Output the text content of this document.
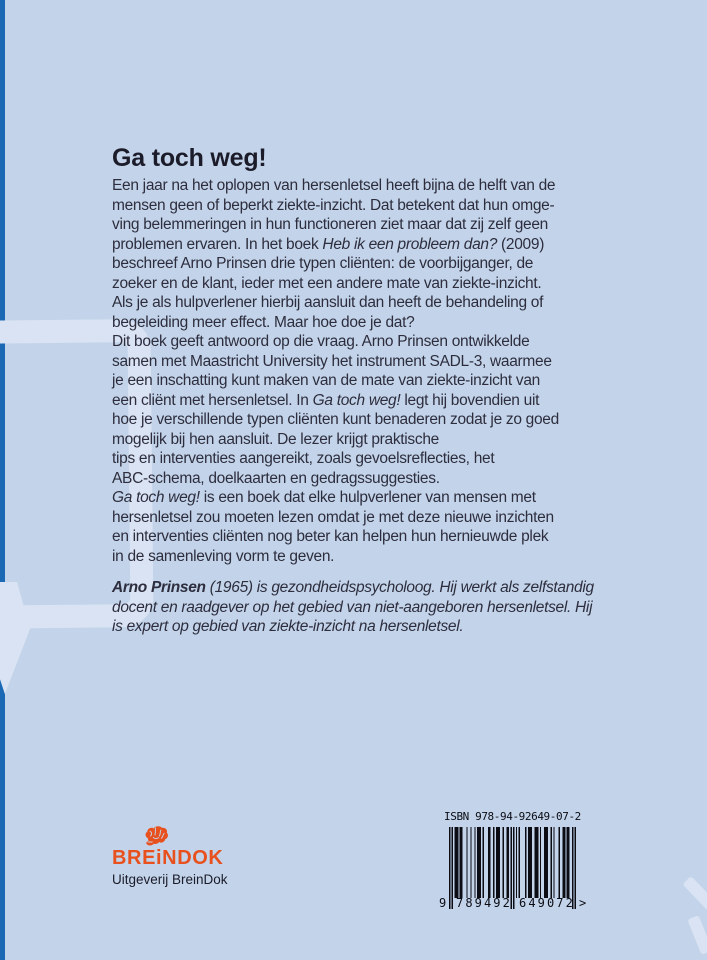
Ga toch weg!
Een jaar na het oplopen van hersenletsel heeft bijna de helft van de
mensen geen of beperkt ziekte-inzicht. Dat betekent dat hun omge-
ving belemmeringen in hun functioneren ziet maar dat zij zelf geen
problemen ervaren. In het boek Heb ik een probleem dan? (2009)
beschreef Arno Prinsen drie typen cliënten: de voorbijganger, de
zoeker en de klant, ieder met een andere mate van ziekte-inzicht.
Als je als hulpverlener hierbij aansluit dan heeft de behandeling of
begeleiding meer effect. Maar hoe doe je dat?
Dit boek geeft antwoord op die vraag. Arno Prinsen ontwikkelde
samen met Maastricht University het instrument SADL-3, waarmee
je een inschatting kunt maken van de mate van ziekte-inzicht van
een cliënt met hersenletsel. In Ga toch weg! legt hij bovendien uit
hoe je verschillende typen cliënten kunt benaderen zodat je zo goed
mogelijk bij hen aansluit. De lezer krijgt praktische
tips en interventies aangereikt, zoals gevoelsreflecties, het
ABC-schema, doelkaarten en gedragssuggesties.
Ga toch weg! is een boek dat elke hulpverlener van mensen met
hersenletsel zou moeten lezen omdat je met deze nieuwe inzichten
en interventies cliënten nog beter kan helpen hun hernieuwde plek
in de samenleving vorm te geven.
Arno Prinsen (1965) is gezondheidspsycholoog. Hij werkt als zelfstandig
docent en raadgever op het gebied van niet-aangeboren hersenletsel. Hij
is expert op gebied van ziekte-inzicht na hersenletsel.
BREiNDOK
Uitgeverij BreinDok
ISBN 978-94-92649-07-2
9 789492 649072 >
